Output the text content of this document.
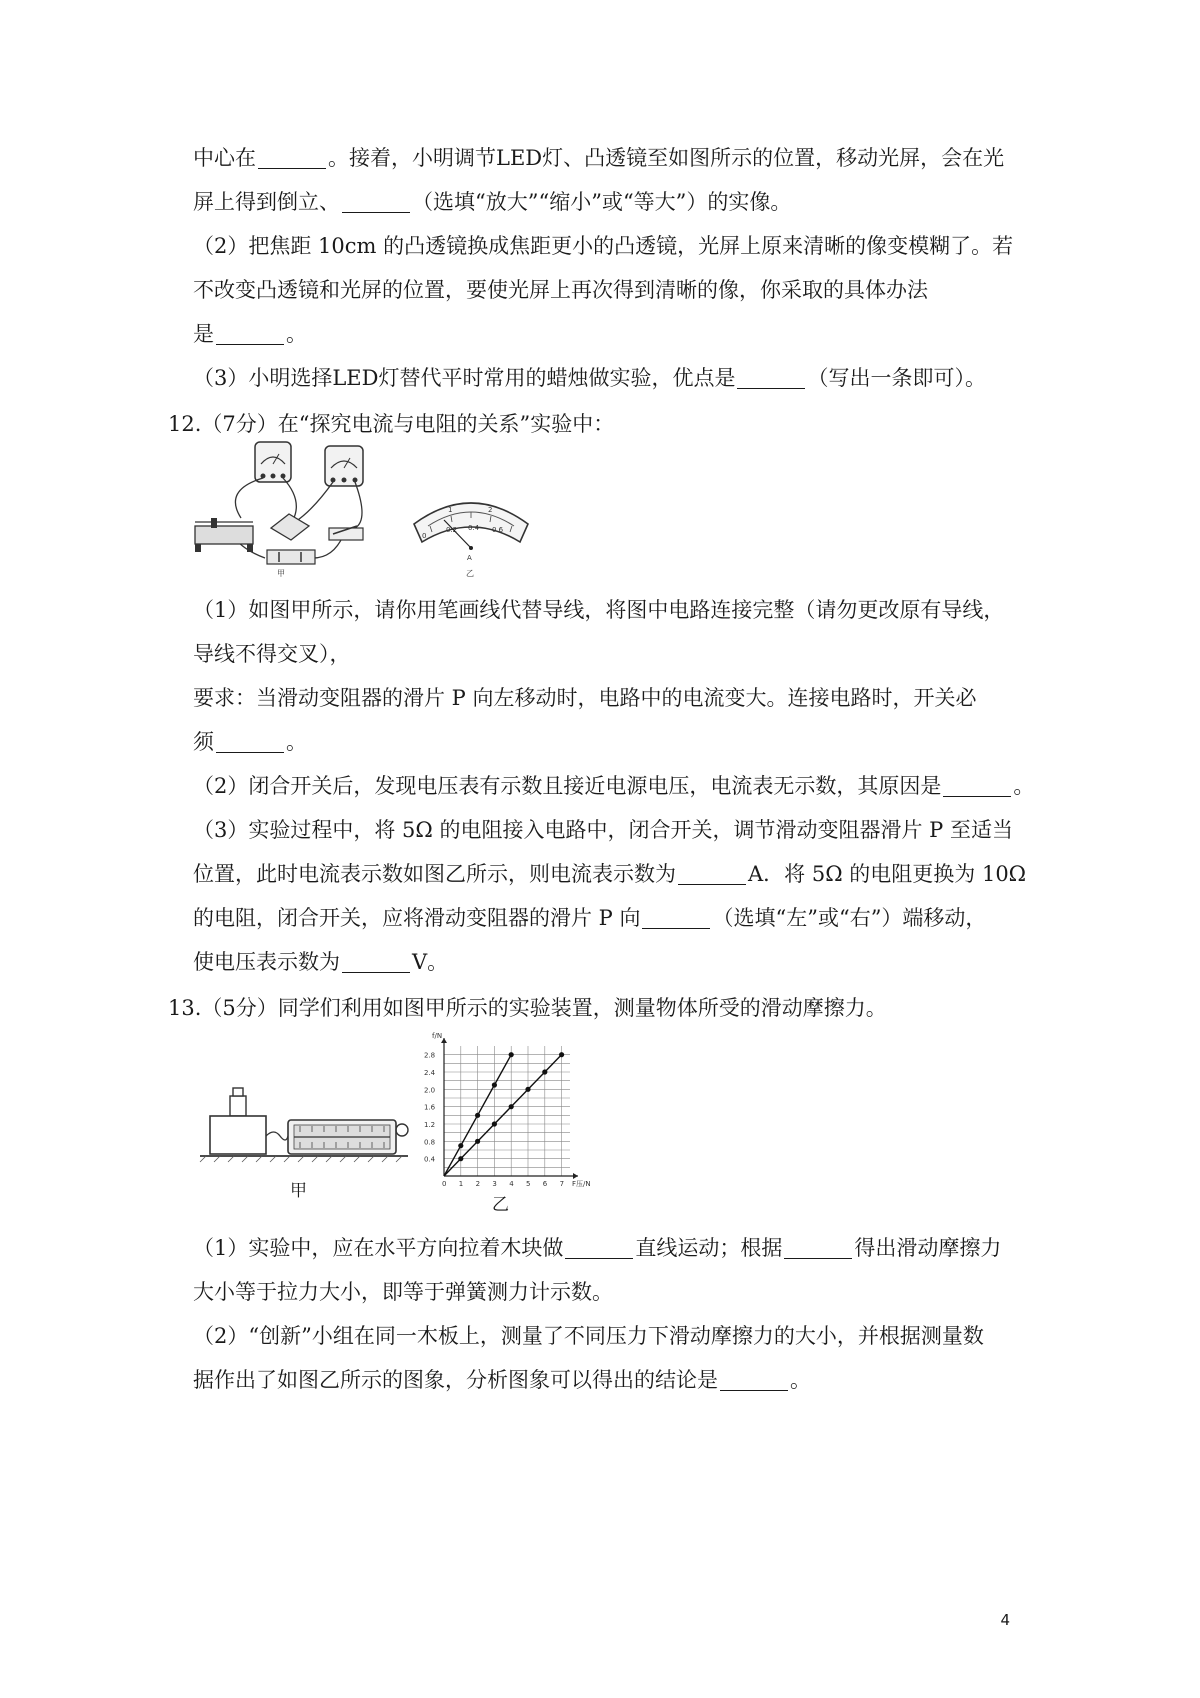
中心在	。接着，小明调节LED灯、凸透镜至如图所示的位置，移动光屏，会在光
屏上得到倒立、	（选填“放大”“缩小”或“等大”）的实像。
（2）把焦距 10cm 的凸透镜换成焦距更小的凸透镜，光屏上原来清晰的像变模糊了。若
不改变凸透镜和光屏的位置，要使光屏上再次得到清晰的像，你采取的具体办法
是	。
（3）小明选择LED灯替代平时常用的蜡烛做实验，优点是	（写出一条即可）。
12.（7分）在“探究电流与电阻的关系”实验中：
甲
1	2
0
0.2 0.4 0.6
A
乙
（1）如图甲所示，请你用笔画线代替导线，将图中电路连接完整（请勿更改原有导线，
导线不得交叉），
要求：当滑动变阻器的滑片 P 向左移动时，电路中的电流变大。连接电路时，开关必
须	。
（2）闭合开关后，发现电压表有示数且接近电源电压，电流表无示数，其原因是	。
（3）实验过程中，将 5Ω 的电阻接入电路中，闭合开关，调节滑动变阻器滑片 P 至适当
位置，此时电流表示数如图乙所示，则电流表示数为	A．将 5Ω 的电阻更换为 10Ω
的电阻，闭合开关，应将滑动变阻器的滑片 P 向	（选填“左”或“右”）端移动，
使电压表示数为	V。
13.（5分）同学们利用如图甲所示的实验装置，测量物体所受的滑动摩擦力。
甲	0 1 2 3 4 5 6 7
0.4
0.8
1.2
1.6
2.0
2.4
2.8
F压/N
f/N
乙
（1）实验中，应在水平方向拉着木块做	直线运动；根据	得出滑动摩擦力
大小等于拉力大小，即等于弹簧测力计示数。
（2）“创新”小组在同一木板上，测量了不同压力下滑动摩擦力的大小，并根据测量数
据作出了如图乙所示的图象，分析图象可以得出的结论是	。
4
